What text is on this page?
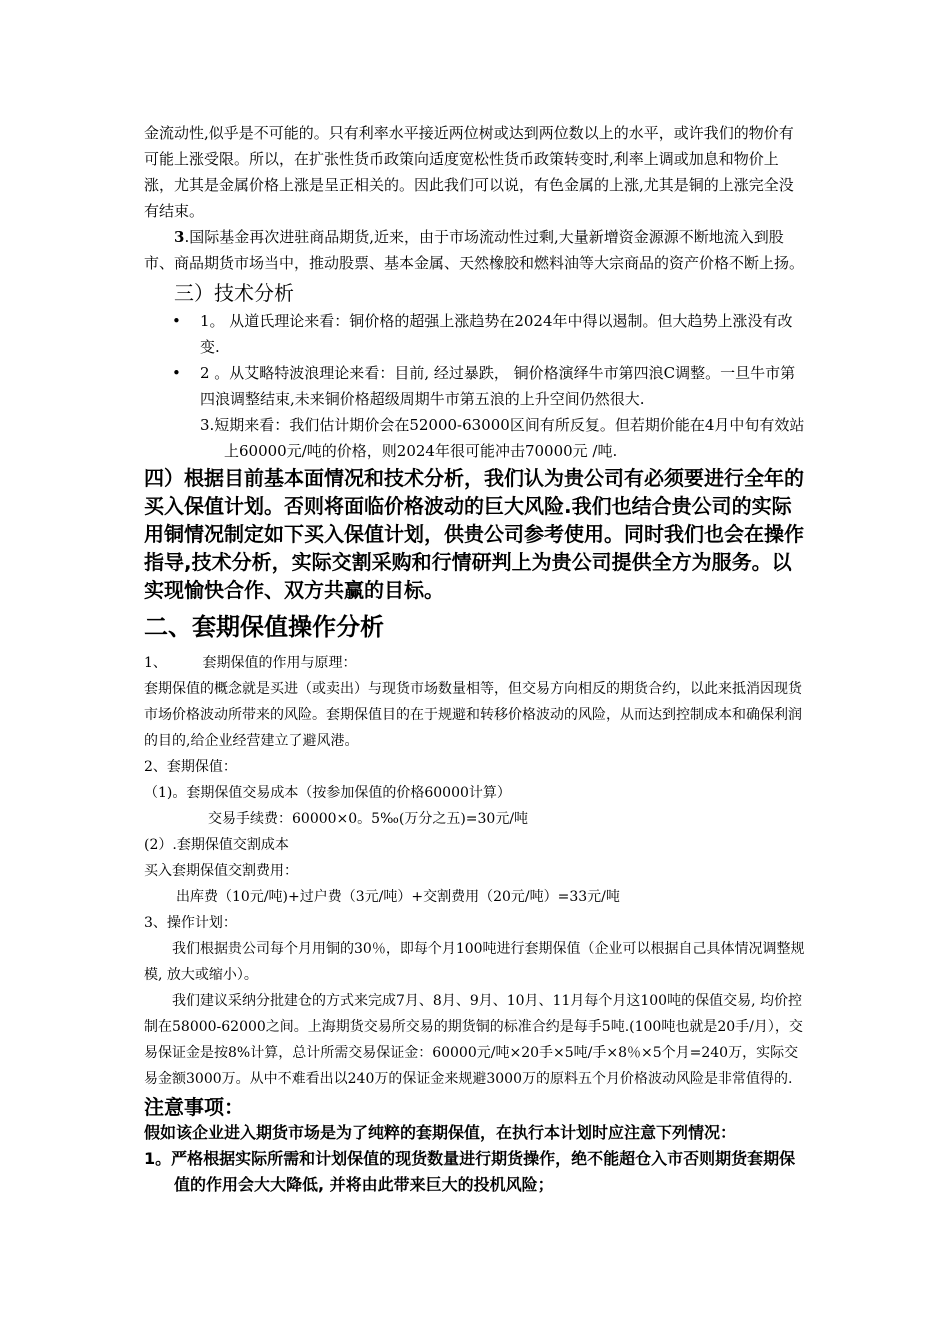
金流动性,似乎是不可能的。只有利率水平接近两位树或达到两位数以上的水平，或许我们的物价有可能上涨受限。所以，在扩张性货币政策向适度宽松性货币政策转变时,利率上调或加息和物价上涨，尤其是金属价格上涨是呈正相关的。因此我们可以说，有色金属的上涨,尤其是铜的上涨完全没有结束。

3.国际基金再次进驻商品期货,近来，由于市场流动性过剩,大量新增资金源源不断地流入到股市、商品期货市场当中，推动股票、基本金属、天然橡胶和燃料油等大宗商品的资产价格不断上扬。

三）技术分析
• 1。 从道氏理论来看：铜价格的超强上涨趋势在2024年中得以遏制。但大趋势上涨没有改变.
• 2 。从艾略特波浪理论来看：目前, 经过暴跌， 铜价格演绎牛市第四浪C调整。一旦牛市第四浪调整结束,未来铜价格超级周期牛市第五浪的上升空间仍然很大.
3.短期来看：我们估计期价会在52000-63000区间有所反复。但若期价能在4月中旬有效站上60000元/吨的价格，则2024年很可能冲击70000元 /吨.
四）根据目前基本面情况和技术分析，我们认为贵公司有必须要进行全年的买入保值计划。否则将面临价格波动的巨大风险.我们也结合贵公司的实际用铜情况制定如下买入保值计划，供贵公司参考使用。同时我们也会在操作指导,技术分析，实际交割采购和行情研判上为贵公司提供全方为服务。以实现愉快合作、双方共赢的目标。
二、套期保值操作分析

1、        套期保值的作用与原理：

套期保值的概念就是买进（或卖出）与现货市场数量相等，但交易方向相反的期货合约，以此来抵消因现货市场价格波动所带来的风险。套期保值目的在于规避和转移价格波动的风险，从而达到控制成本和确保利润的目的,给企业经营建立了避风港。

2、套期保值：

（1)。套期保值交易成本（按参加保值的价格60000计算）

交易手续费：60000×0。5‰(万分之五)=30元/吨

(2）.套期保值交割成本

买入套期保值交割费用：

出库费（10元/吨)+过户费（3元/吨）+交割费用（20元/吨）=33元/吨

3、操作计划：

我们根据贵公司每个月用铜的30％，即每个月100吨进行套期保值（企业可以根据自己具体情况调整规模, 放大或缩小）。

我们建议采纳分批建仓的方式来完成7月、8月、9月、10月、11月每个月这100吨的保值交易, 均价控制在58000-62000之间。上海期货交易所交易的期货铜的标准合约是每手5吨.(100吨也就是20手/月），交易保证金是按8%计算，总计所需交易保证金：60000元/吨×20手×5吨/手×8％×5个月=240万，实际交易金额3000万。从中不难看出以240万的保证金来规避3000万的原料五个月价格波动风险是非常值得的.

注意事项：
假如该企业进入期货市场是为了纯粹的套期保值，在执行本计划时应注意下列情况：
1。严格根据实际所需和计划保值的现货数量进行期货操作，绝不能超仓入市否则期货套期保值的作用会大大降低, 并将由此带来巨大的投机风险；
